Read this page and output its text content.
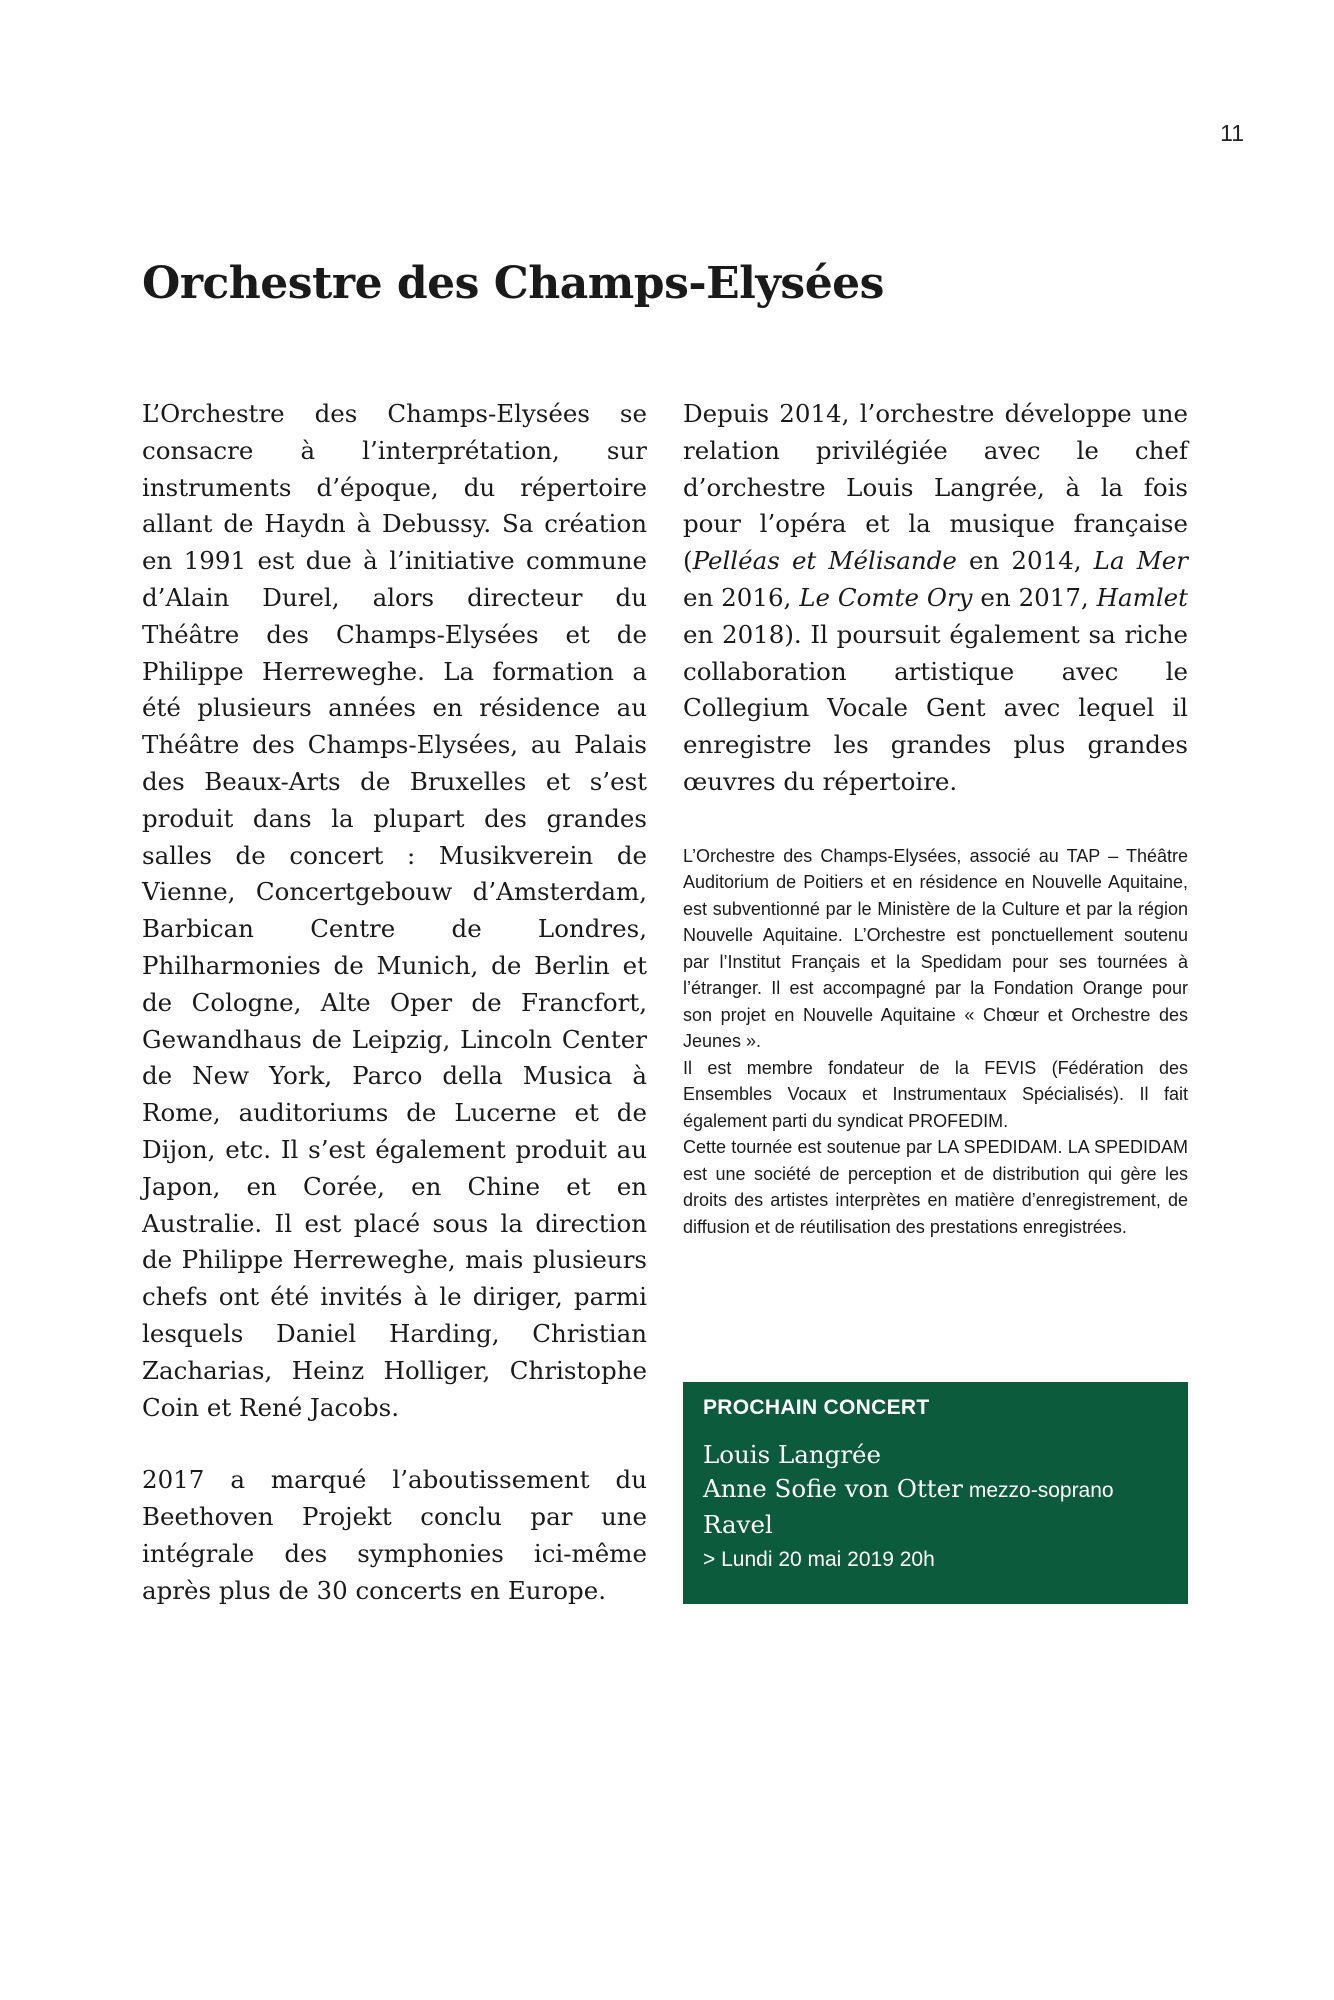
11
Orchestre des Champs-Elysées

L’Orchestre des Champs-Elysées se consacre à l’interprétation, sur instruments d’époque, du répertoire allant de Haydn à Debussy. Sa création en 1991 est due à l’initiative commune d’Alain Durel, alors directeur du Théâtre des Champs-Elysées et de Philippe Herreweghe. La formation a été plusieurs années en résidence au Théâtre des Champs-Elysées, au Palais des Beaux-Arts de Bruxelles et s’est produit dans la plupart des grandes salles de concert : Musikverein de Vienne, Concertgebouw d’Amsterdam, Barbican Centre de Londres, Philharmonies de Munich, de Berlin et de Cologne, Alte Oper de Francfort, Gewandhaus de Leipzig, Lincoln Center de New York, Parco della Musica à Rome, auditoriums de Lucerne et de Dijon, etc. Il s’est également produit au Japon, en Corée, en Chine et en Australie. Il est placé sous la direction de Philippe Herreweghe, mais plusieurs chefs ont été invités à le diriger, parmi lesquels Daniel Harding, Christian Zacharias, Heinz Holliger, Christophe Coin et René Jacobs.

2017 a marqué l’aboutissement du Beethoven Projekt conclu par une intégrale des symphonies ici-même après plus de 30 concerts en Europe.

Depuis 2014, l’orchestre développe une relation privilégiée avec le chef d’orchestre Louis Langrée, à la fois pour l’opéra et la musique française (Pelléas et Mélisande en 2014, La Mer en 2016, Le Comte Ory en 2017, Hamlet en 2018). Il poursuit également sa riche collaboration artistique avec le Collegium Vocale Gent avec lequel il enregistre les grandes plus grandes œuvres du répertoire.

L’Orchestre des Champs-Elysées, associé au TAP – Théâtre Auditorium de Poitiers et en résidence en Nouvelle Aquitaine, est subventionné par le Ministère de la Culture et par la région Nouvelle Aquitaine. L’Orchestre est ponctuellement soutenu par l’Institut Français et la Spedidam pour ses tournées à l’étranger. Il est accompagné par la Fondation Orange pour son projet en Nouvelle Aquitaine « Chœur et Orchestre des Jeunes ».

Il est membre fondateur de la FEVIS (Fédération des Ensembles Vocaux et Instrumentaux Spécialisés). Il fait également parti du syndicat PROFEDIM.

Cette tournée est soutenue par LA SPEDIDAM. LA SPEDIDAM est une société de perception et de distribution qui gère les droits des artistes interprètes en matière d’enregistrement, de diffusion et de réutilisation des prestations enregistrées.

PROCHAIN CONCERT

Louis Langrée

Anne Sofie von Otter mezzo-soprano

Ravel

> Lundi 20 mai 2019 20h
